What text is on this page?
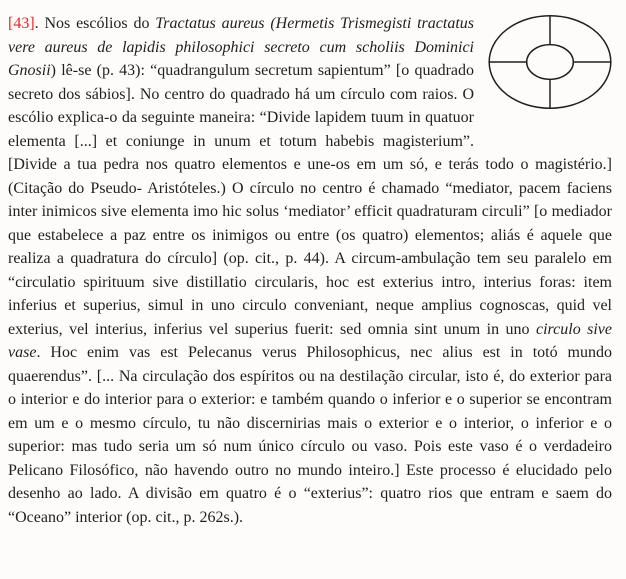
[43]. Nos escólios do Tractatus aureus (Hermetis Trismegisti tractatus vere aureus de lapidis philosophici secreto cum scholiis Dominici Gnosii) lê-se (p. 43): “quadrangulum secretum sapientum” [o quadrado secreto dos sábios]. No centro do quadrado há um círculo com raios. O escólio explica-o da seguinte maneira: “Divide lapidem tuum in quatuor elementa [...] et coniunge in unum et totum habebis magisterium”. [Divide a tua pedra nos quatro elementos e une-os em um só, e terás todo o magistério.] (Citação do Pseudo- Aristóteles.) O círculo no centro é chamado “mediator, pacem faciens inter inimicos sive elementa imo hic solus ‘mediator’ efficit quadraturam circuli” [o mediador que estabelece a paz entre os inimigos ou entre (os quatro) elementos; aliás é aquele que realiza a quadratura do círculo] (op. cit., p. 44). A circum-ambulação tem seu paralelo em “circulatio spirituum sive distillatio circularis, hoc est exterius intro, interius foras: item inferius et superius, simul in uno circulo conveniant, neque amplius cognoscas, quid vel exterius, vel interius, inferius vel superius fuerit: sed omnia sint unum in uno circulo sive vase. Hoc enim vas est Pelecanus verus Philosophicus, nec alius est in totó mundo quaerendus”. [... Na circulação dos espíritos ou na destilação circular, isto é, do exterior para o interior e do interior para o exterior: e também quando o inferior e o superior se encontram em um e o mesmo círculo, tu não discernirias mais o exterior e o interior, o inferior e o superior: mas tudo seria um só num único círculo ou vaso. Pois este vaso é o verdadeiro Pelicano Filosófico, não havendo outro no mundo inteiro.] Este processo é elucidado pelo desenho ao lado. A divisão em quatro é o “exterius”: quatro rios que entram e saem do “Oceano” interior (op. cit., p. 262s.).
